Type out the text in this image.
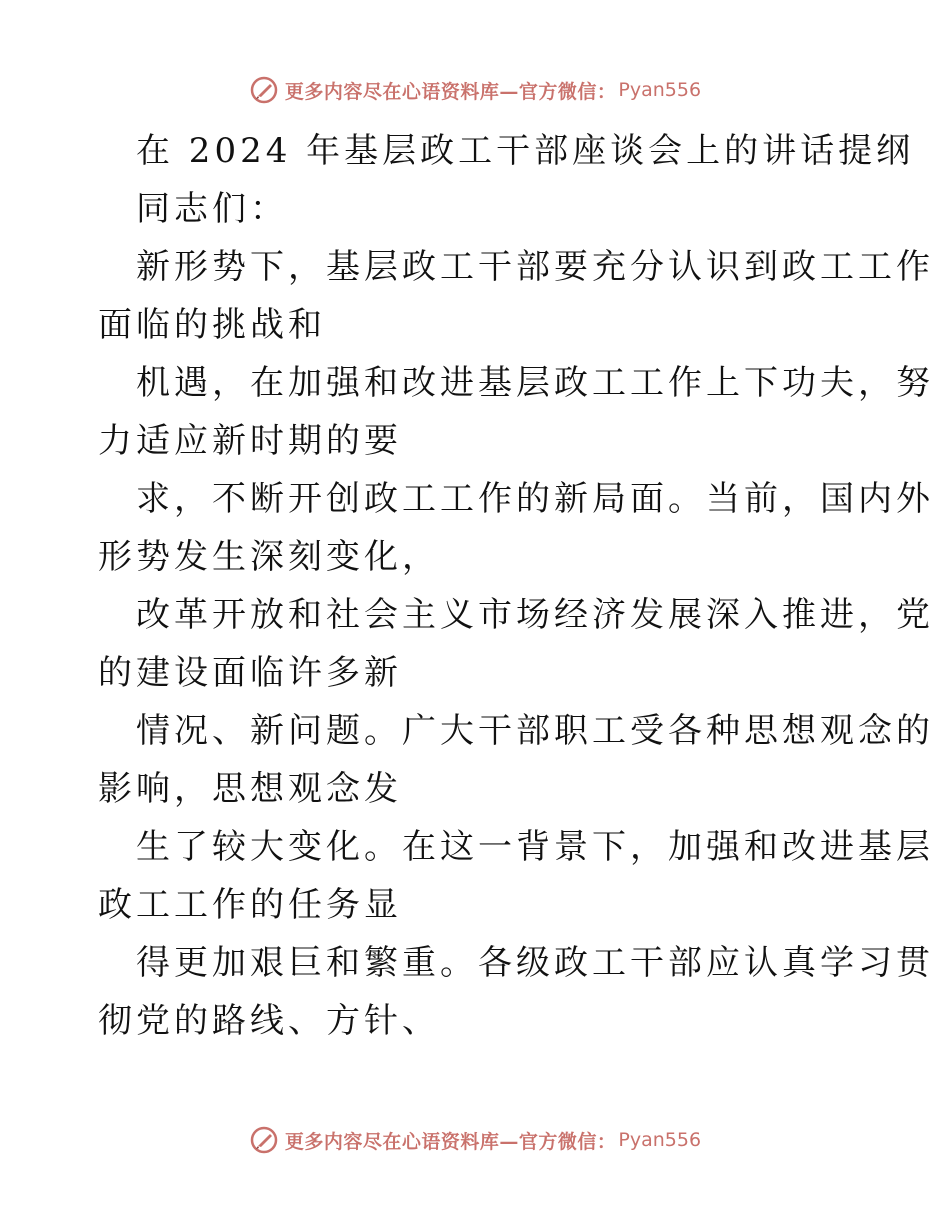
更多内容尽在心语资料库—官方微信： Pyan556
在 2024 年基层政工干部座谈会上的讲话提纲
同志们：
新形势下，基层政工干部要充分认识到政工工作
面临的挑战和
机遇，在加强和改进基层政工工作上下功夫，努
力适应新时期的要
求，不断开创政工工作的新局面。当前，国内外
形势发生深刻变化，
改革开放和社会主义市场经济发展深入推进，党
的建设面临许多新
情况、新问题。广大干部职工受各种思想观念的
影响，思想观念发
生了较大变化。在这一背景下，加强和改进基层
政工工作的任务显
得更加艰巨和繁重。各级政工干部应认真学习贯
彻党的路线、方针、
更多内容尽在心语资料库—官方微信： Pyan556
